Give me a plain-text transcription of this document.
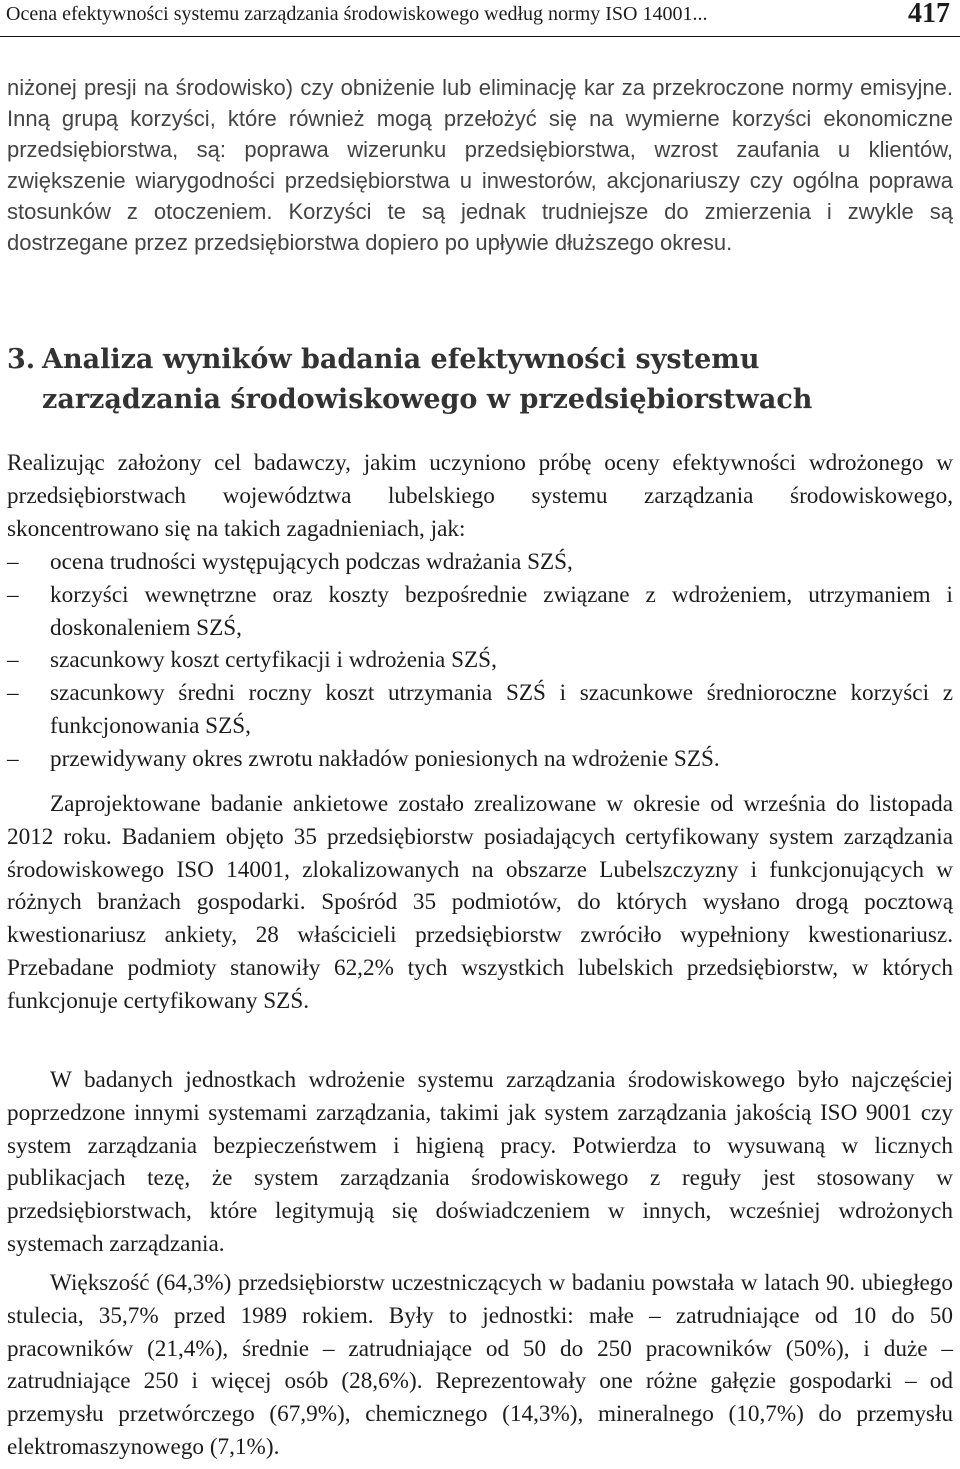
Ocena efektywności systemu zarządzania środowiskowego według normy ISO 14001...	417

niżonej presji na środowisko) czy obniżenie lub eliminację kar za przekroczone normy emisyjne. Inną grupą korzyści, które również mogą przełożyć się na wymierne korzyści ekonomiczne przedsiębiorstwa, są: poprawa wizerunku przedsiębiorstwa, wzrost zaufania u klientów, zwiększenie wiarygodności przedsiębiorstwa u inwestorów, akcjonariuszy czy ogólna poprawa stosunków z otoczeniem. Korzyści te są jednak trudniejsze do zmierzenia i zwykle są dostrzegane przez przedsiębiorstwa dopiero po upływie dłuższego okresu.

3. Analiza wyników badania efektywności systemu
zarządzania środowiskowego w przedsiębiorstwach

Realizując założony cel badawczy, jakim uczyniono próbę oceny efektywności wdrożonego w przedsiębiorstwach województwa lubelskiego systemu zarządzania środowiskowego, skoncentrowano się na takich zagadnieniach, jak:

– ocena trudności występujących podczas wdrażania SZŚ,
– korzyści wewnętrzne oraz koszty bezpośrednie związane z wdrożeniem, utrzymaniem i doskonaleniem SZŚ,
– szacunkowy koszt certyfikacji i wdrożenia SZŚ,
– szacunkowy średni roczny koszt utrzymania SZŚ i szacunkowe średnioroczne korzyści z funkcjonowania SZŚ,
– przewidywany okres zwrotu nakładów poniesionych na wdrożenie SZŚ.

Zaprojektowane badanie ankietowe zostało zrealizowane w okresie od września do listopada 2012 roku. Badaniem objęto 35 przedsiębiorstw posiadających certyfikowany system zarządzania środowiskowego ISO 14001, zlokalizowanych na obszarze Lubelszczyzny i funkcjonujących w różnych branżach gospodarki. Spośród 35 podmiotów, do których wysłano drogą pocztową kwestionariusz ankiety, 28 właścicieli przedsiębiorstw zwróciło wypełniony kwestionariusz. Przebadane podmioty stanowiły 62,2% tych wszystkich lubelskich przedsiębiorstw, w których funkcjonuje certyfikowany SZŚ.

W badanych jednostkach wdrożenie systemu zarządzania środowiskowego było najczęściej poprzedzone innymi systemami zarządzania, takimi jak system zarządzania jakością ISO 9001 czy system zarządzania bezpieczeństwem i higieną pracy. Potwierdza to wysuwaną w licznych publikacjach tezę, że system zarządzania środowiskowego z reguły jest stosowany w przedsiębiorstwach, które legitymują się doświadczeniem w innych, wcześniej wdrożonych systemach zarządzania.

Większość (64,3%) przedsiębiorstw uczestniczących w badaniu powstała w latach 90. ubiegłego stulecia, 35,7% przed 1989 rokiem. Były to jednostki: małe – zatrudniające od 10 do 50 pracowników (21,4%), średnie – zatrudniające od 50 do 250 pracowników (50%), i duże – zatrudniające 250 i więcej osób (28,6%). Reprezentowały one różne gałęzie gospodarki – od przemysłu przetwórczego (67,9%), chemicznego (14,3%), mineralnego (10,7%) do przemysłu elektromaszynowego (7,1%).
